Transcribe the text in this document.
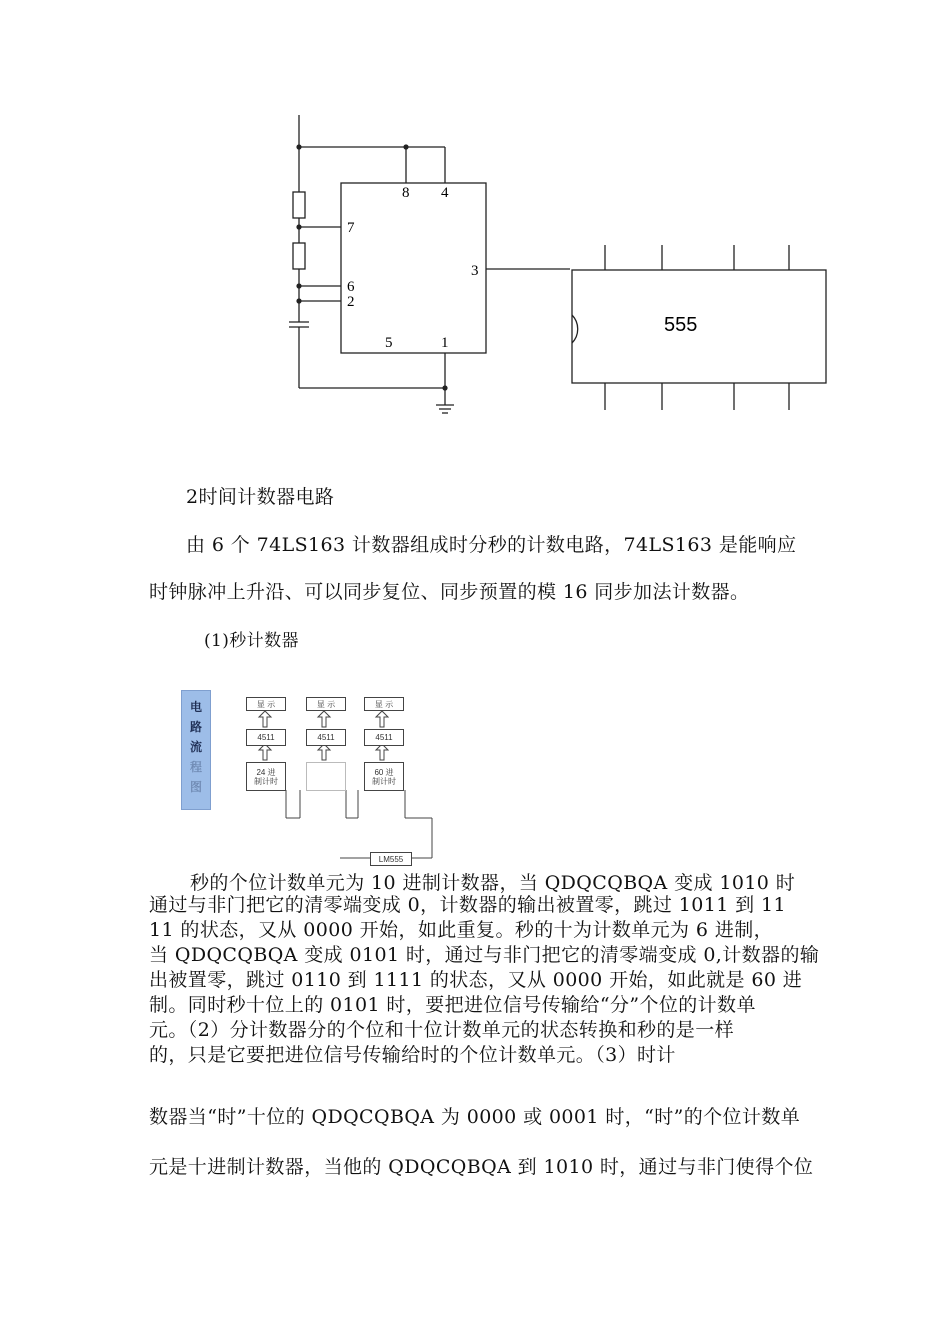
8 4
7
3
6
2
5	1
555
2时间计数器电路
由 6 个 74LS163 计数器组成时分秒的计数电路，74LS163 是能响应
时钟脉冲上升沿、可以同步复位、同步预置的模 16 同步加法计数器。
(1)秒计数器
电
路
流
程
图
显 示	显 示	显 示
4511	4511	4511
24 进
制计时
60 进
制计时
LM555
秒的个位计数单元为 10 进制计数器，当 QDQCQBQA 变成 1010 时
通过与非门把它的清零端变成 0，计数器的输出被置零，跳过 1011 到 11
11 的状态，又从 0000 开始，如此重复。秒的十为计数单元为 6 进制，
当 QDQCQBQA 变成 0101 时，通过与非门把它的清零端变成 0,计数器的输
出被置零，跳过 0110 到 1111 的状态，又从 0000 开始，如此就是 60 进
制。同时秒十位上的 0101 时，要把进位信号传输给“分”个位的计数单
元。（2）分计数器分的个位和十位计数单元的状态转换和秒的是一样
的，只是它要把进位信号传输给时的个位计数单元。（3）时计
数器当“时”十位的 QDQCQBQA 为 0000 或 0001 时，“时”的个位计数单
元是十进制计数器，当他的 QDQCQBQA 到 1010 时，通过与非门使得个位
